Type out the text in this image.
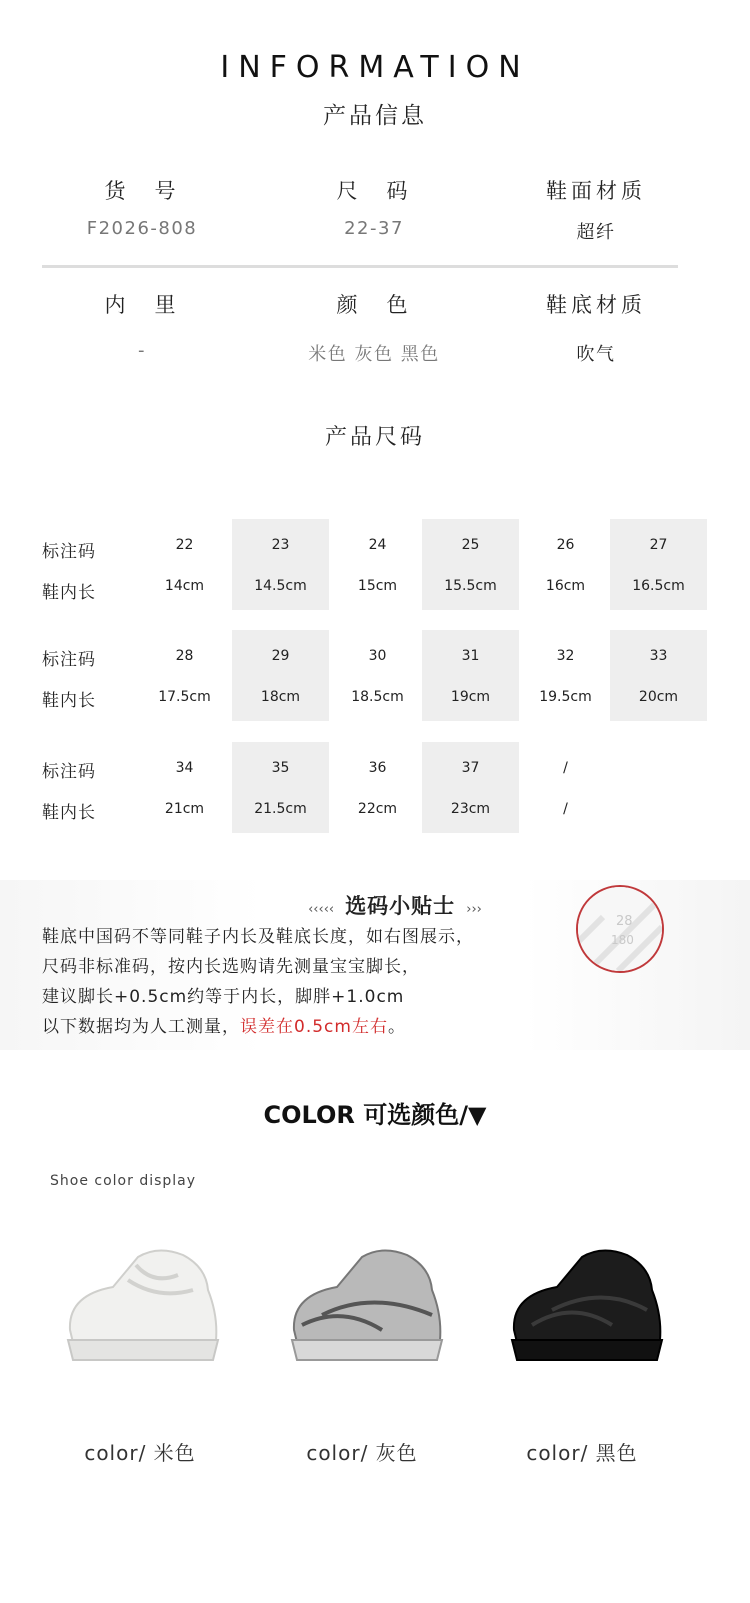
INFORMATION
产品信息
货　号
F2026-808
尺　码
22-37
鞋面材质
超纤
内　里
-
颜　色
米色 灰色 黑色
鞋底材质
吹气
产品尺码
标注码
鞋内长
22
14cm
23
14.5cm
24
15cm
25
15.5cm
26
16cm
27
16.5cm
标注码
鞋内长
28
17.5cm
29
18cm
30
18.5cm
31
19cm
32
19.5cm
33
20cm
标注码
鞋内长
34
21cm
35
21.5cm
36
22cm
37
23cm
/
/
‹‹‹‹‹ 选码小贴士 ›››
鞋底中国码不等同鞋子内长及鞋底长度，如右图展示，
尺码非标准码，按内长选购请先测量宝宝脚长，
建议脚长+0.5cm约等于内长，脚胖+1.0cm
以下数据均为人工测量，误差在0.5cm左右。
28
180
COLOR 可选颜色/▼
Shoe color display
color/ 米色	color/ 灰色	color/ 黑色
